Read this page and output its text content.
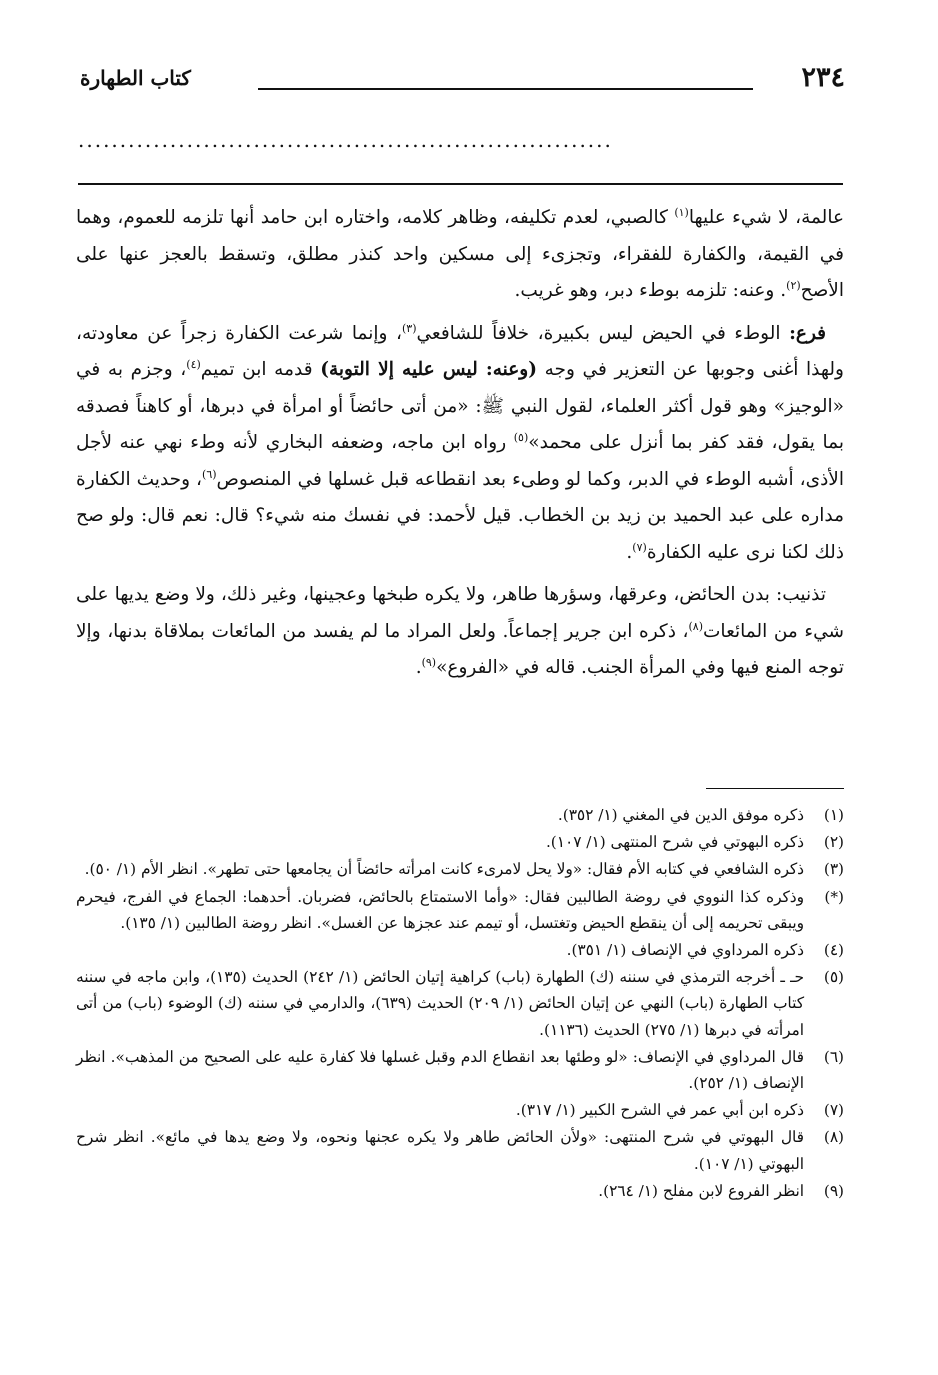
٢٣٤
كتاب الطهارة
................................................................

عالمة، لا شيء عليها$^{(١)}$ كالصبي، لعدم تكليفه، وظاهر كلامه، واختاره ابن حامد أنها تلزمه للعموم، وهما في القيمة، والكفارة للفقراء، وتجزىء إلى مسكين واحد كنذر مطلق، وتسقط بالعجز عنها على الأصح$^{(٢)}$. وعنه: تلزمه بوطء دبر، وهو غريب.

فرع: الوطء في الحيض ليس بكبيرة، خلافاً للشافعي$^{(٣)}$، وإنما شرعت الكفارة زجراً عن معاودته، ولهذا أغنى وجوبها عن التعزير في وجه (وعنه: ليس عليه إلا التوبة) قدمه ابن تميم$^{(٤)}$، وجزم به في «الوجيز» وهو قول أكثر العلماء، لقول النبي ﷺ: «من أتى حائضاً أو امرأة في دبرها، أو كاهناً فصدقه بما يقول، فقد كفر بما أنزل على محمد»$^{(٥)}$ رواه ابن ماجه، وضعفه البخاري لأنه وطء نهي عنه لأجل الأذى، أشبه الوطء في الدبر، وكما لو وطىء بعد انقطاعه قبل غسلها في المنصوص$^{(٦)}$، وحديث الكفارة مداره على عبد الحميد بن زيد بن الخطاب. قيل لأحمد: في نفسك منه شيء؟ قال: نعم قال: ولو صح ذلك لكنا نرى عليه الكفارة$^{(٧)}$.

تذنيب: بدن الحائض، وعرقها، وسؤرها طاهر، ولا يكره طبخها وعجينها، وغير ذلك، ولا وضع يديها على شيء من المائعات$^{(٨)}$، ذكره ابن جرير إجماعاً. ولعل المراد ما لم يفسد من المائعات بملاقاة بدنها، وإلا توجه المنع فيها وفي المرأة الجنب. قاله في «الفروع»$^{(٩)}$.

(١)
ذكره موفق الدين في المغني (١/ ٣٥٢).
(٢)
ذكره البهوتي في شرح المنتهى (١/ ١٠٧).
(٣)
ذكره الشافعي في كتابه الأم فقال: «ولا يحل لامرىء كانت امرأته حائضاً أن يجامعها حتى تطهر». انظر الأم (١/ ٥٠).
(*)
وذكره كذا النووي في روضة الطالبين فقال: «وأما الاستمتاع بالحائض، فضربان. أحدهما: الجماع في الفرج، فيحرم ويبقى تحريمه إلى أن ينقطع الحيض وتغتسل، أو تيمم عند عجزها عن الغسل». انظر روضة الطالبين (١/ ١٣٥).
(٤)
ذكره المرداوي في الإنصاف (١/ ٣٥١).
(٥)
حـ ـ أخرجه الترمذي في سننه (ك) الطهارة (باب) كراهية إتيان الحائض (١/ ٢٤٢) الحديث (١٣٥)، وابن ماجه في سننه كتاب الطهارة (باب) النهي عن إتيان الحائض (١/ ٢٠٩) الحديث (٦٣٩)، والدارمي في سننه (ك) الوضوء (باب) من أتى امرأته في دبرها (١/ ٢٧٥) الحديث (١١٣٦).
(٦)
قال المرداوي في الإنصاف: «لو وطئها بعد انقطاع الدم وقبل غسلها فلا كفارة عليه على الصحيح من المذهب». انظر الإنصاف (١/ ٢٥٢).
(٧)
ذكره ابن أبي عمر في الشرح الكبير (١/ ٣١٧).
(٨)
قال البهوتي في شرح المنتهى: «ولأن الحائض طاهر ولا يكره عجنها ونحوه، ولا وضع يدها في مائع». انظر شرح البهوتي (١/ ١٠٧).
(٩)
انظر الفروع لابن مفلح (١/ ٢٦٤).
